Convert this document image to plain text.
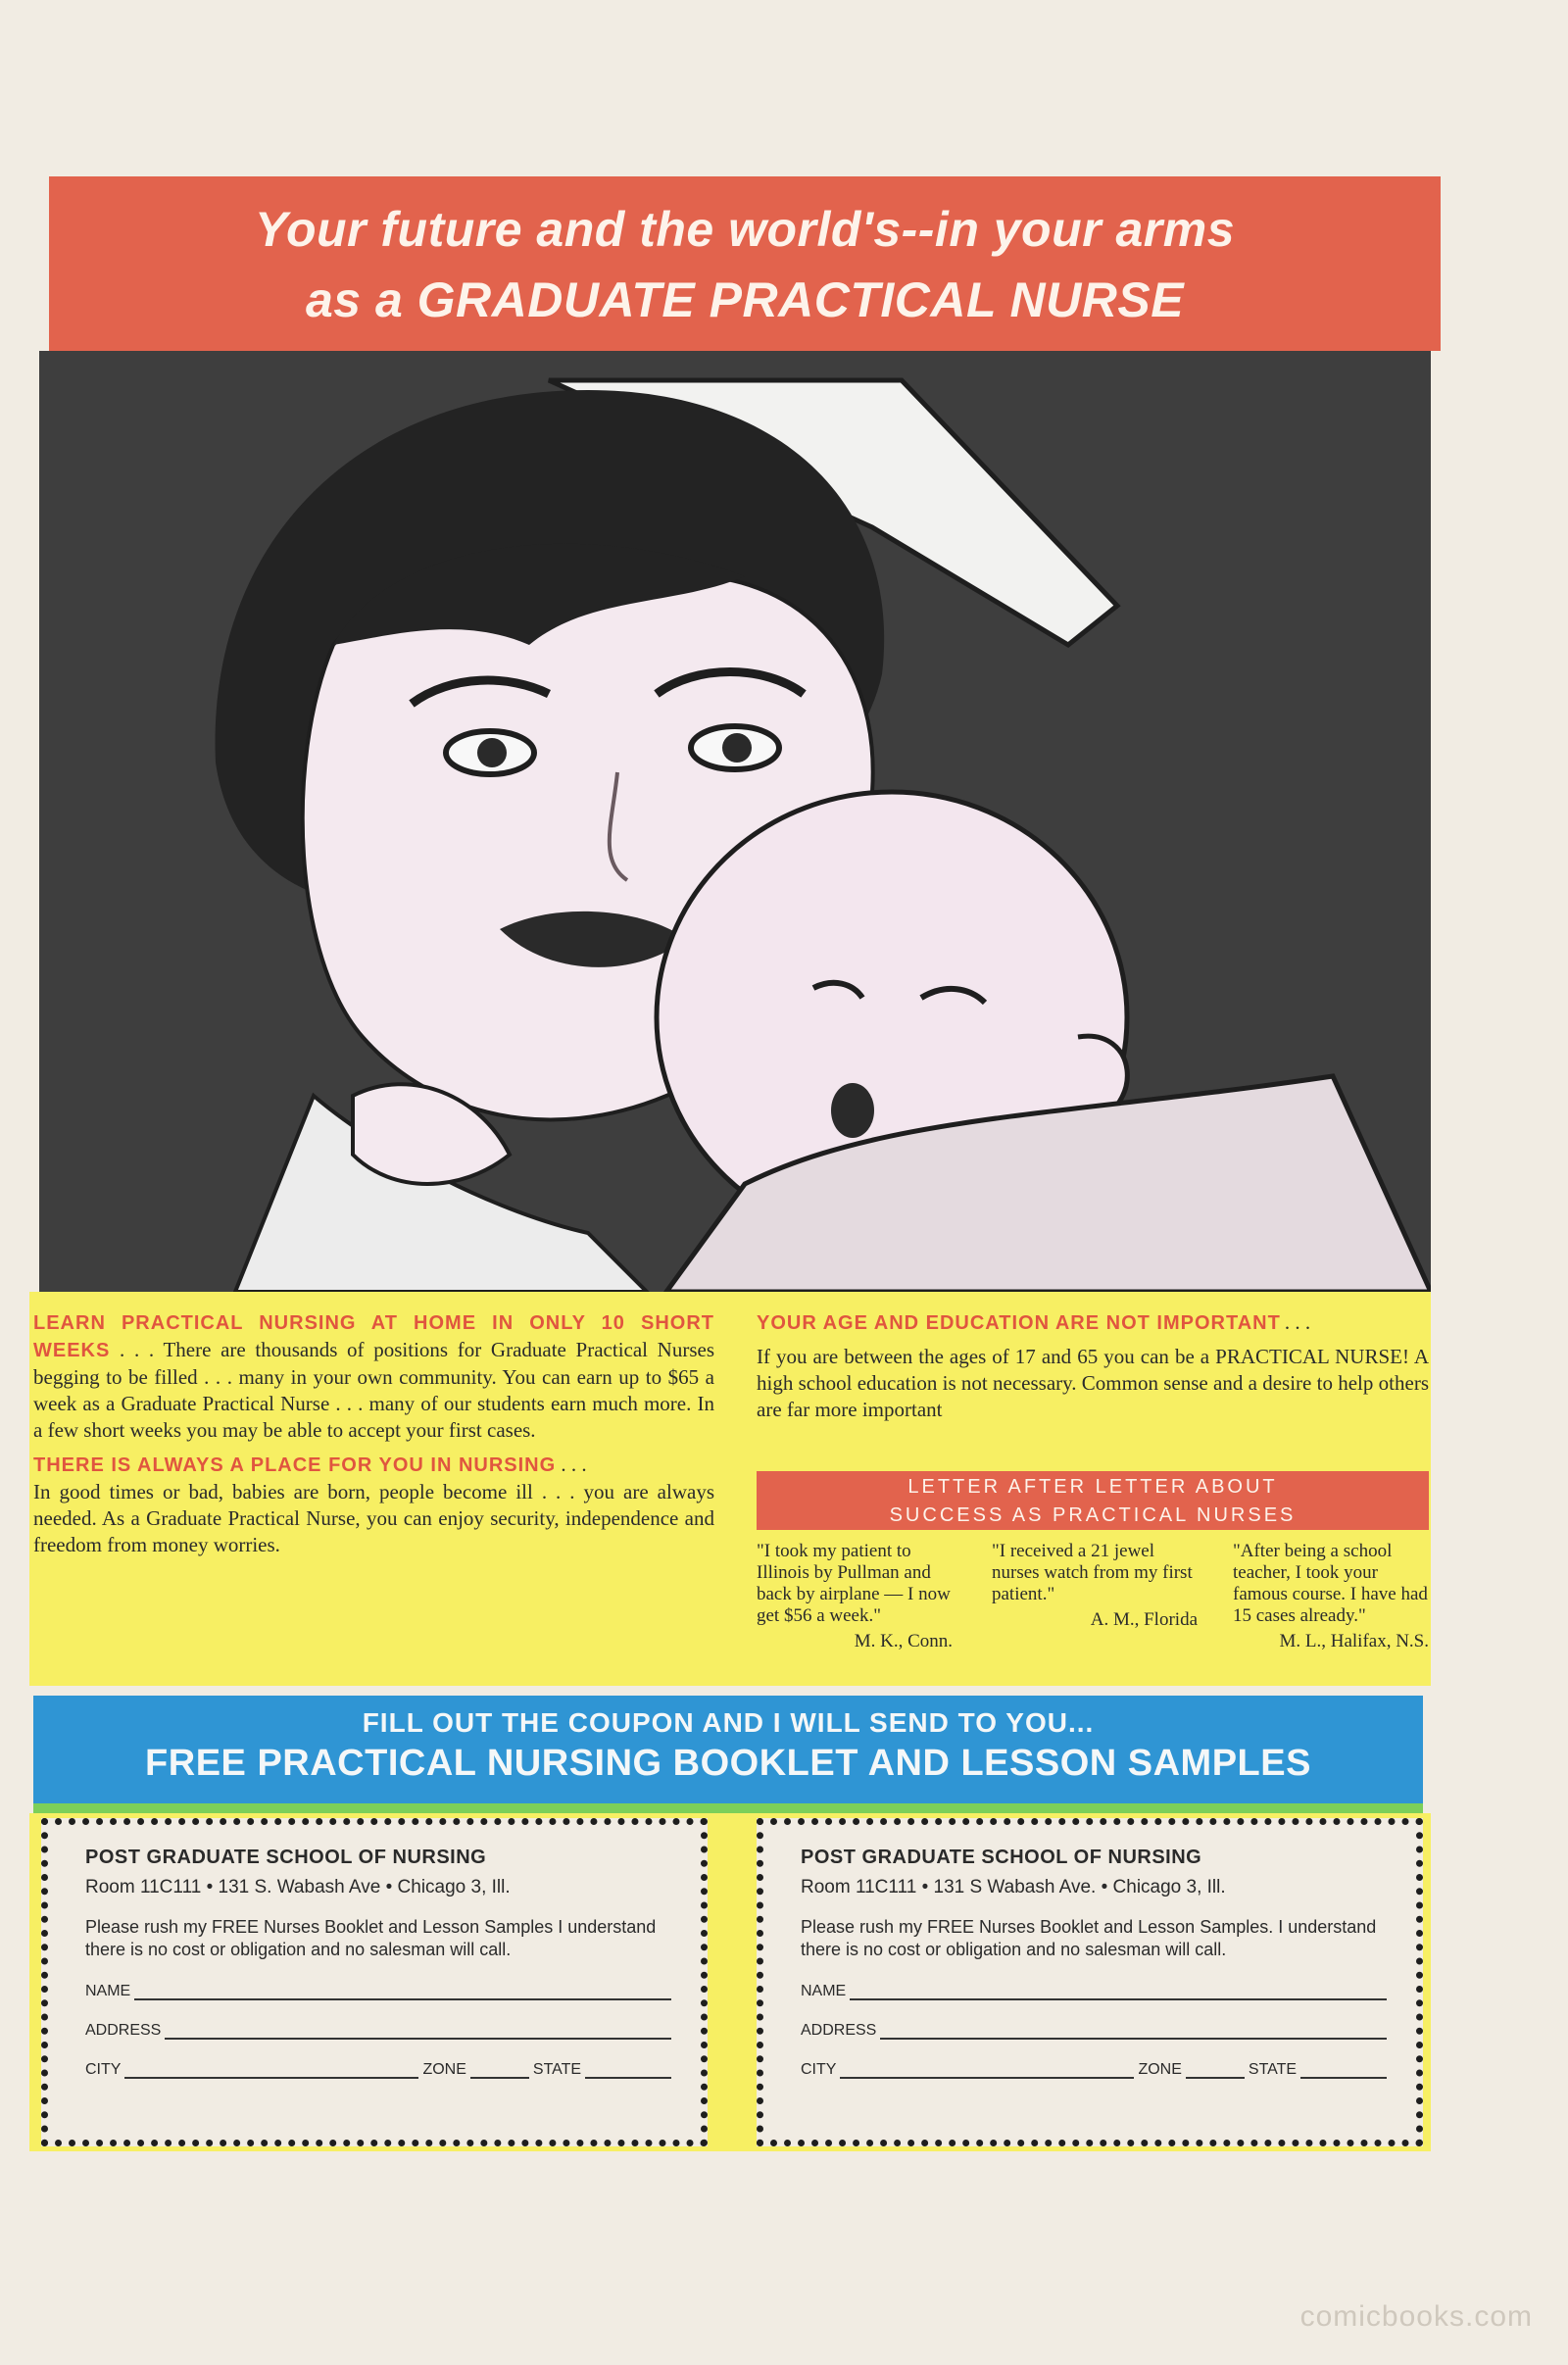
Your future and the world's--in your arms
as a GRADUATE PRACTICAL NURSE
LEARN PRACTICAL NURSING AT HOME IN ONLY 10 SHORT WEEKS . . . There are thousands of positions for Graduate Practical Nurses begging to be filled . . . many in your own community. You can earn up to $65 a week as a Graduate Practical Nurse . . . many of our students earn much more. In a few short weeks you may be able to accept your first cases.
THERE IS ALWAYS A PLACE FOR YOU IN NURSING . . .
In good times or bad, babies are born, people become ill . . . you are always needed. As a Graduate Practical Nurse, you can enjoy security, independence and freedom from money worries.
YOUR AGE AND EDUCATION ARE NOT IMPORTANT . . .
If you are between the ages of 17 and 65 you can be a PRACTICAL NURSE! A high school education is not necessary. Common sense and a desire to help others are far more important
LETTER AFTER LETTER ABOUT
SUCCESS AS PRACTICAL NURSES
"I took my patient to Illinois by Pullman and back by airplane — I now get $56 a week."
M. K., Conn.
"I received a 21 jewel nurses watch from my first patient."
A. M., Florida
"After being a school teacher, I took your famous course. I have had 15 cases already."
M. L., Halifax, N.S.
FILL OUT THE COUPON AND I WILL SEND TO YOU...
FREE PRACTICAL NURSING BOOKLET AND LESSON SAMPLES
POST GRADUATE SCHOOL OF NURSING
Room 11C111 • 131 S. Wabash Ave • Chicago 3, Ill.
Please rush my FREE Nurses Booklet and Lesson Samples I understand there is no cost or obligation and no salesman will call.
NAME
ADDRESS
CITY	ZONE	STATE
POST GRADUATE SCHOOL OF NURSING
Room 11C111 • 131 S Wabash Ave. • Chicago 3, Ill.
Please rush my FREE Nurses Booklet and Lesson Samples. I understand there is no cost or obligation and no salesman will call.
NAME
ADDRESS
CITY	ZONE	STATE
comicbooks.com
